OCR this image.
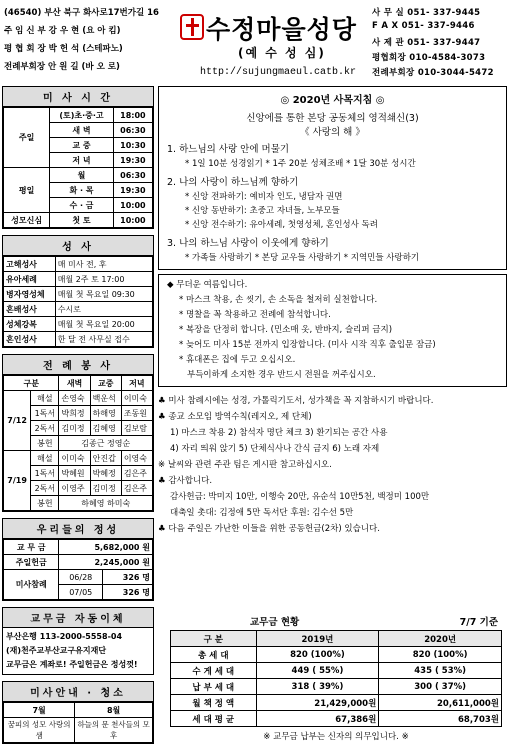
(46540) 부산 북구 화사로17번가길 16
주 임 신 부 강 우 현 (요 아 킴)
평 협 회 장 박 헌 석 (스테파노)
전례부회장 안 원 길 (바 오 로)
수정마을성당
(예 수 성 심)
http://sujungmaeul.catb.kr
사 무 실 051- 337-9445
F A X 051- 337-9446
사 제 관 051- 337-9447
평협회장 010-4584-3073
전례부회장 010-3044-5472
미 사 시 간
주일	(토)초·중·고	18:00
	새 벽	06:30
	교 중	10:30
	저 녁	19:30
평일	월	06:30
	화 · 목	19:30
	수 · 금	10:00
성모신심	첫 토	10:00
성 사
고해성사	매 미사 전, 후
유아세례	매월 2주 토 17:00
병자영성체	매월 첫 목요일 09:30
혼배성사	수시로
성체강복	매월 첫 목요일 20:00
혼인성사	한 달 전 사무실 접수
전 례 봉 사
구분		새벽	교중	저녁
7/12	해설	손영숙	백운석	이미숙
	1독서	박희정	하해영	조동원
	2독서	김미정	김혜영	김보람
	봉헌	김종근 정영순		
7/19	해설	이미숙	안진갑	이영숙
	1독서	박혜원	박혜정	김은주
	2독서	이영주	김미정	김은주
	봉헌	하혜영 하미숙		
우리들의 정성
교 무 금	5,682,000 원	
주일헌금	2,245,000 원	
미사참례	06/28	326 명
	07/05	326 명
교무금 자동이체
부산은행 113-2000-5558-04
(재)천주교부산교구유지재단
교무금은 계좌로! 주일헌금은 정성껏!
미사안내 · 청소
7월	8월
꿈피의 성모 사랑의 샘	하늘의 문 천사들의 모후
◎ 2020년 사목지침 ◎
신앙에를 통한 본당 공동체의 영적쇄신(3)
《 사랑의 해 》
1. 하느님의 사랑 안에 머물기
* 1일 10분 성경읽기 * 1주 20분 성체조배 * 1달 30분 성시간
2. 나의 사랑이 하느님께 향하기
* 신앙 전파하기: 예비자 인도, 냉담자 권면
* 신앙 동반하기: 초중고 자녀들, 노부모들
* 신앙 전수하기: 유아세례, 첫영성체, 혼인성사 독려
3. 나의 하느님 사랑이 이웃에게 향하기
* 가족들 사랑하기 * 본당 교우들 사랑하기 * 지역민들 사랑하기
◆ 무더운 여름입니다.
* 마스크 착용, 손 씻기, 손 소독을 철저히 실천합니다.
* 명찰을 꼭 착용하고 전례에 참석합니다.
* 복장을 단정히 합니다. (민소매 옷, 반바지, 슬리퍼 금지)
* 늦어도 미사 15분 전까지 입장합니다. (미사 시작 직후 출입문 잠금)
* 휴대폰은 집에 두고 오십시오.
부득이하게 소지한 경우 반드시 전원을 꺼주십시오.
♣ 미사 참례시에는 성경, 가톨릭기도서, 성가책을 꼭 지참하시기 바랍니다.
♣ 종교 소모임 방역수칙(레지오, 제 단체)
1) 마스크 착용 2) 참석자 명단 체크 3) 환기되는 공간 사용
4) 자리 띄워 앉기 5) 단체식사나 간식 금지 6) 노래 자제
※ 날씨와 관련 주관 팀은 게시판 참고하십시오.
♣ 감사합니다.
감사헌금: 박미지 10만, 이행숙 20만, 유순석 10만5천, 백정미 100만
대축일 촛대: 김정애 5만 독서단 후원: 김수선 5만
♣ 다음 주일은 가난한 이들을 위한 공동헌금(2차) 있습니다.
교무금 현황	7/7 기준
구 분	2019년	2020년
총 세 대	820 (100%)	820 (100%)
수 게 세 대	449 ( 55%)	435 ( 53%)
납 부 세 대	318 ( 39%)	300 ( 37%)
월 책 정 액	21,429,000원	20,611,000원
세 대 평 균	67,386원	68,703원
※ 교무금 납부는 신자의 의무입니다. ※
